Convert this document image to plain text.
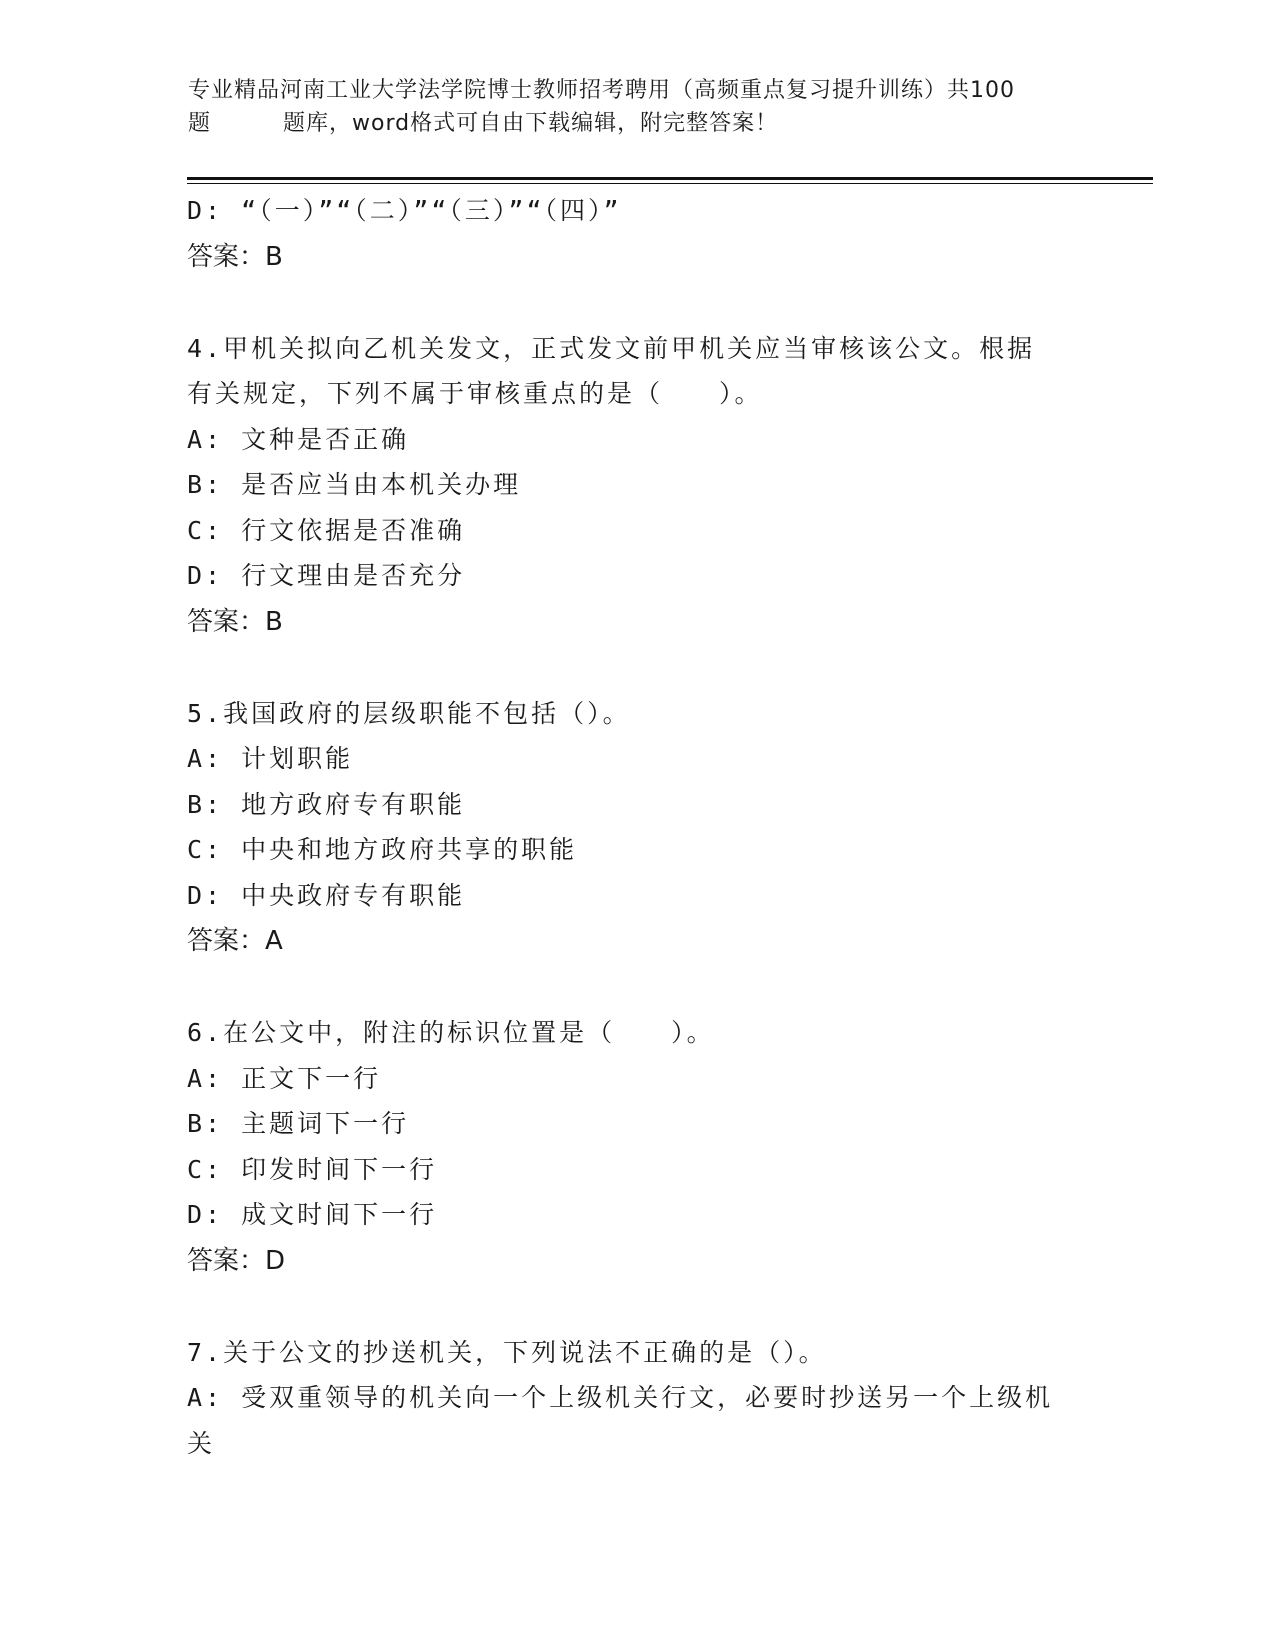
专业精品河南工业大学法学院博士教师招考聘用（高频重点复习提升训练）共100
题	题库，word格式可自由下载编辑，附完整答案！

D: “（一）”“（二）”“（三）”“（四）”

答案：B

4.甲机关拟向乙机关发文，正式发文前甲机关应当审核该公文。根据
有关规定，下列不属于审核重点的是（　　）。

A: 文种是否正确

B: 是否应当由本机关办理

C: 行文依据是否准确

D: 行文理由是否充分

答案：B

5.我国政府的层级职能不包括（）。

A: 计划职能

B: 地方政府专有职能

C: 中央和地方政府共享的职能

D: 中央政府专有职能

答案：A

6.在公文中，附注的标识位置是（　　）。

A: 正文下一行

B: 主题词下一行

C: 印发时间下一行

D: 成文时间下一行

答案：D

7.关于公文的抄送机关，下列说法不正确的是（）。

A: 受双重领导的机关向一个上级机关行文，必要时抄送另一个上级机
关
